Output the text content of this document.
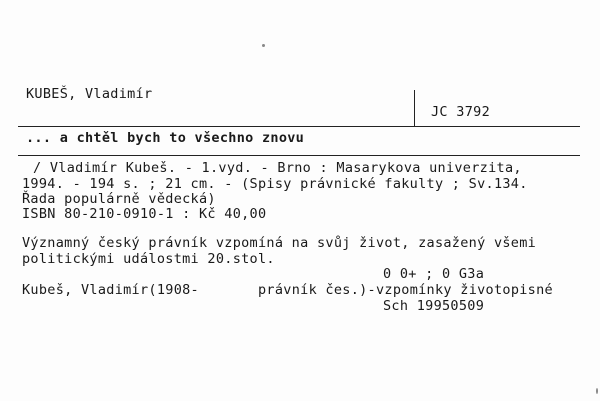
KUBEŠ, Vladimír
JC 3792
... a chtěl bych to všechno znovu
/ Vladimír Kubeš. - 1.vyd. - Brno : Masarykova univerzita,
1994. - 194 s. ; 21 cm. - (Spisy právnické fakulty ; Sv.134.
Řada populárně vědecká)
ISBN 80-210-0910-1 : Kč 40,00
Významný český právník vzpomíná na svůj život, zasažený všemi
politickými událostmi 20.stol.
0 0+ ; 0 G3a
Kubeš, Vladimír(1908-	právník čes.)-vzpomínky životopisné
Sch 19950509
